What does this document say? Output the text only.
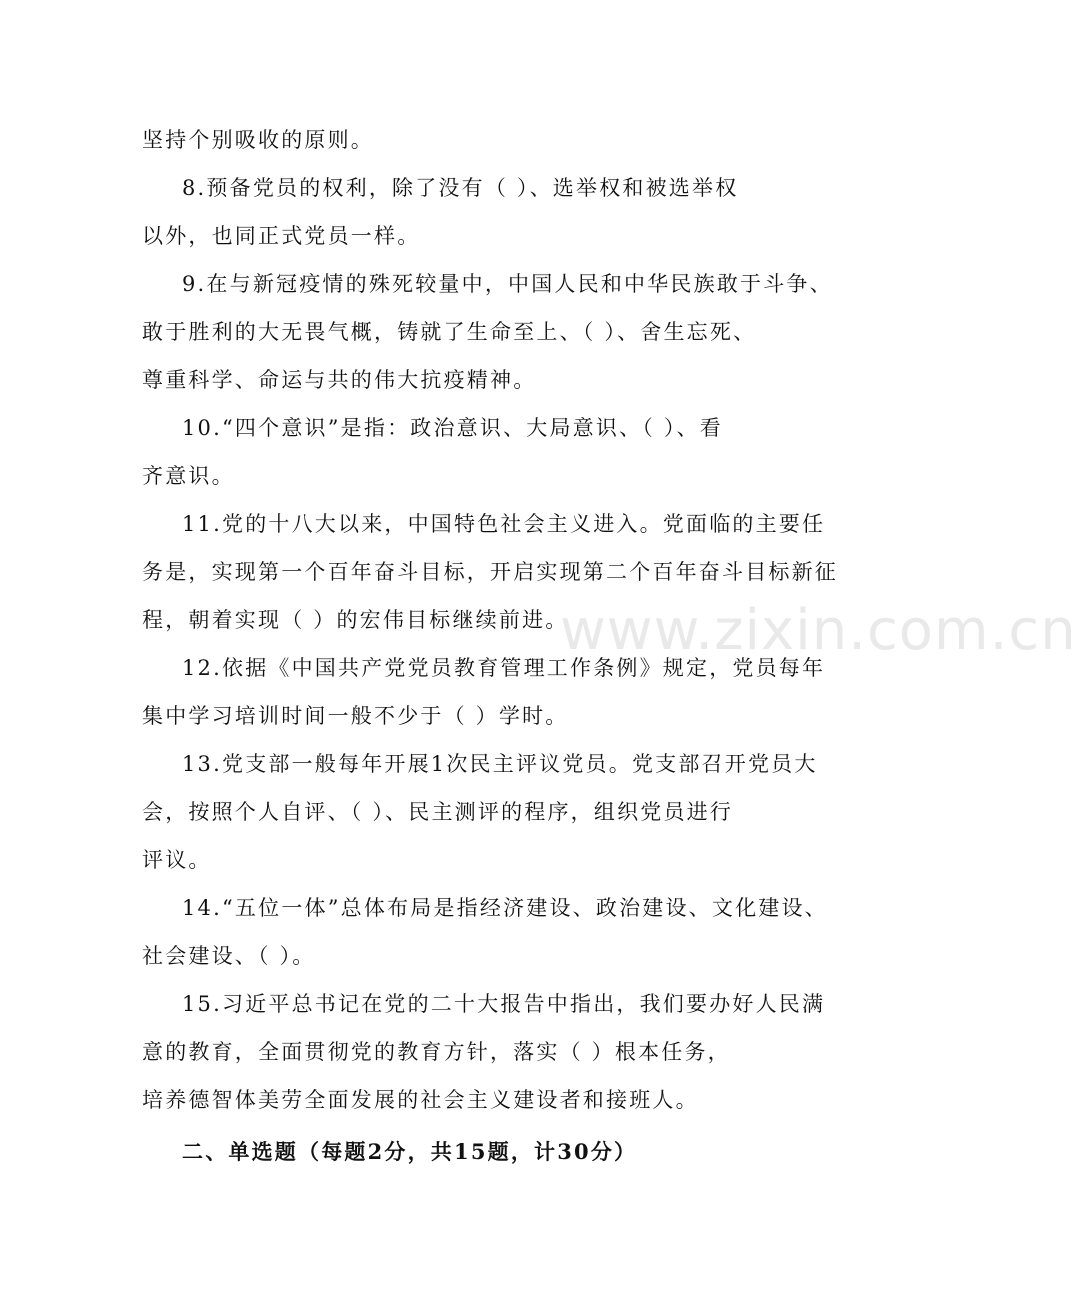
坚持个别吸收的原则。
8.预备党员的权利，除了没有（ ）、选举权和被选举权
以外，也同正式党员一样。
9.在与新冠疫情的殊死较量中，中国人民和中华民族敢于斗争、
敢于胜利的大无畏气概，铸就了生命至上、（ ）、舍生忘死、
尊重科学、命运与共的伟大抗疫精神。
10.“四个意识”是指：政治意识、大局意识、（ ）、看
齐意识。
11.党的十八大以来，中国特色社会主义进入。党面临的主要任
务是，实现第一个百年奋斗目标，开启实现第二个百年奋斗目标新征
程，朝着实现（ ）的宏伟目标继续前进。
12.依据《中国共产党党员教育管理工作条例》规定，党员每年
集中学习培训时间一般不少于（ ）学时。
13.党支部一般每年开展1次民主评议党员。党支部召开党员大
会，按照个人自评、（ ）、民主测评的程序，组织党员进行
评议。
14.“五位一体”总体布局是指经济建设、政治建设、文化建设、
社会建设、（ ）。
15.习近平总书记在党的二十大报告中指出，我们要办好人民满
意的教育，全面贯彻党的教育方针，落实（ ）根本任务，
培养德智体美劳全面发展的社会主义建设者和接班人。
二、单选题（每题2分，共15题，计30分）
www.zixin.com.cn
